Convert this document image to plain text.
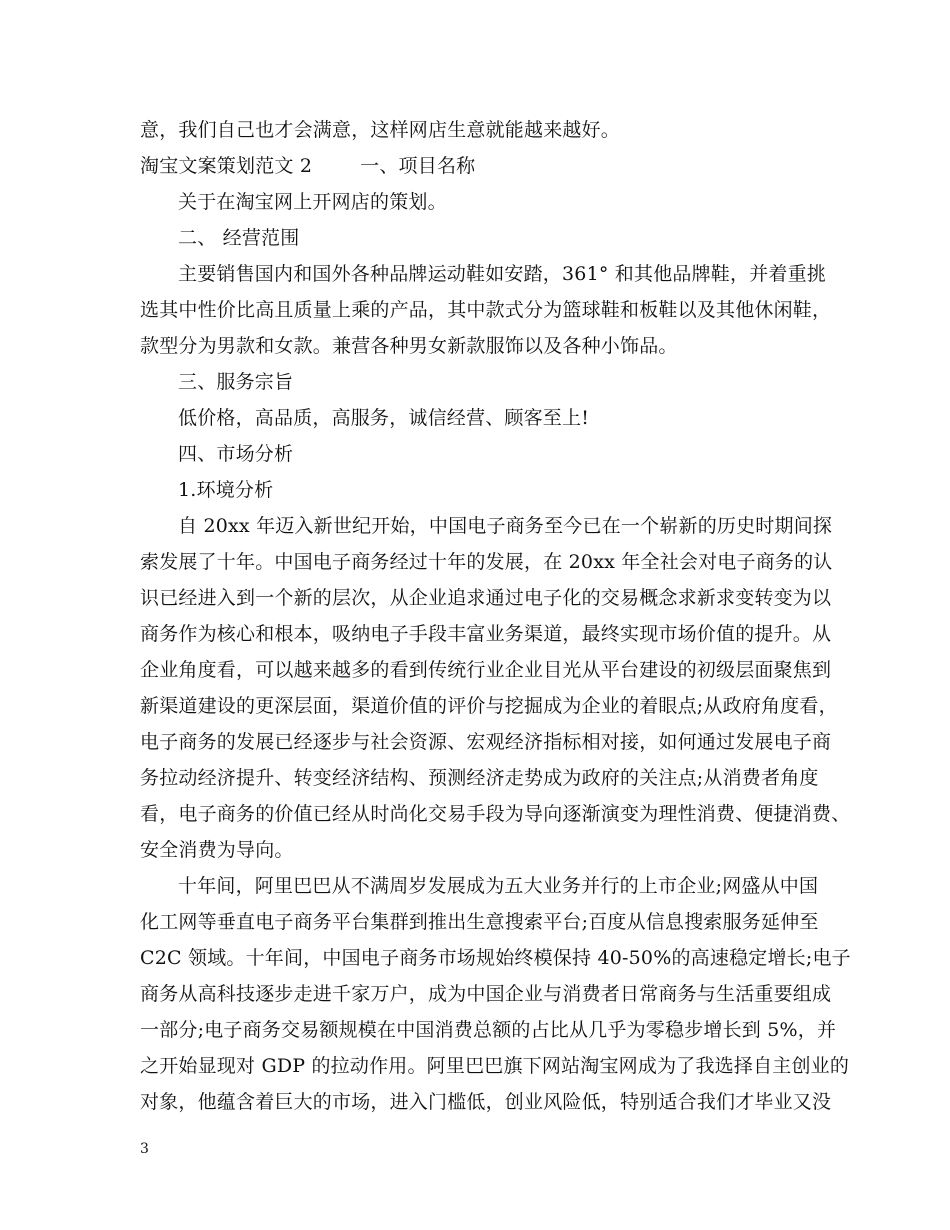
意，我们自己也才会满意，这样网店生意就能越来越好。
淘宝文案策划范文 2	一、项目名称
关于在淘宝网上开网店的策划。
二、 经营范围
主要销售国内和国外各种品牌运动鞋如安踏，361° 和其他品牌鞋，并着重挑
选其中性价比高且质量上乘的产品，其中款式分为篮球鞋和板鞋以及其他休闲鞋，
款型分为男款和女款。兼营各种男女新款服饰以及各种小饰品。
三、服务宗旨
低价格，高品质，高服务，诚信经营、顾客至上!
四、市场分析
1.环境分析
自 20xx 年迈入新世纪开始，中国电子商务至今已在一个崭新的历史时期间探
索发展了十年。中国电子商务经过十年的发展，在 20xx 年全社会对电子商务的认
识已经进入到一个新的层次，从企业追求通过电子化的交易概念求新求变转变为以
商务作为核心和根本，吸纳电子手段丰富业务渠道，最终实现市场价值的提升。从
企业角度看，可以越来越多的看到传统行业企业目光从平台建设的初级层面聚焦到
新渠道建设的更深层面，渠道价值的评价与挖掘成为企业的着眼点;从政府角度看，
电子商务的发展已经逐步与社会资源、宏观经济指标相对接，如何通过发展电子商
务拉动经济提升、转变经济结构、预测经济走势成为政府的关注点;从消费者角度
看，电子商务的价值已经从时尚化交易手段为导向逐渐演变为理性消费、便捷消费、
安全消费为导向。
十年间，阿里巴巴从不满周岁发展成为五大业务并行的上市企业;网盛从中国
化工网等垂直电子商务平台集群到推出生意搜索平台;百度从信息搜索服务延伸至
C2C 领域。十年间，中国电子商务市场规始终模保持 40-50%的高速稳定增长;电子
商务从高科技逐步走进千家万户，成为中国企业与消费者日常商务与生活重要组成
一部分;电子商务交易额规模在中国消费总额的占比从几乎为零稳步增长到 5%，并
之开始显现对 GDP 的拉动作用。阿里巴巴旗下网站淘宝网成为了我选择自主创业的
对象，他蕴含着巨大的市场，进入门槛低，创业风险低，特别适合我们才毕业又没
3
